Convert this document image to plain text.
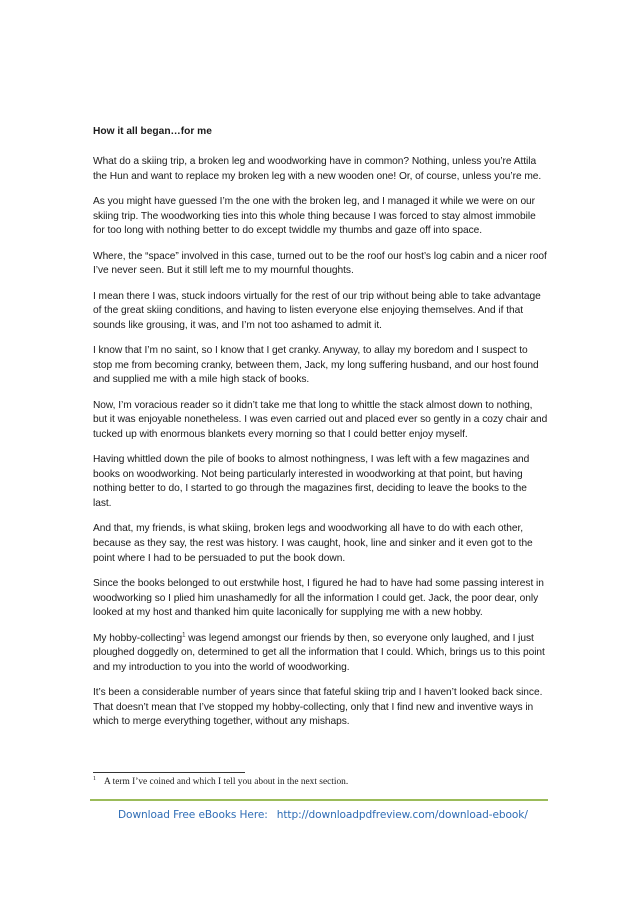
How it all began…for me

What do a skiing trip, a broken leg and woodworking have in common? Nothing, unless you’re Attila the Hun and want to replace my broken leg with a new wooden one! Or, of course, unless you’re me.

As you might have guessed I’m the one with the broken leg, and I managed it while we were on our skiing trip. The woodworking ties into this whole thing because I was forced to stay almost immobile for too long with nothing better to do except twiddle my thumbs and gaze off into space.

Where, the “space” involved in this case, turned out to be the roof our host’s log cabin and a nicer roof I’ve never seen. But it still left me to my mournful thoughts.

I mean there I was, stuck indoors virtually for the rest of our trip without being able to take advantage of the great skiing conditions, and having to listen everyone else enjoying themselves. And if that sounds like grousing, it was, and I’m not too ashamed to admit it.

I know that I’m no saint, so I know that I get cranky. Anyway, to allay my boredom and I suspect to stop me from becoming cranky, between them, Jack, my long suffering husband, and our host found and supplied me with a mile high stack of books.

Now, I’m voracious reader so it didn’t take me that long to whittle the stack almost down to nothing, but it was enjoyable nonetheless. I was even carried out and placed ever so gently in a cozy chair and tucked up with enormous blankets every morning so that I could better enjoy myself.

Having whittled down the pile of books to almost nothingness, I was left with a few magazines and books on woodworking. Not being particularly interested in woodworking at that point, but having nothing better to do, I started to go through the magazines first, deciding to leave the books to the last.

And that, my friends, is what skiing, broken legs and woodworking all have to do with each other, because as they say, the rest was history. I was caught, hook, line and sinker and it even got to the point where I had to be persuaded to put the book down.

Since the books belonged to out erstwhile host, I figured he had to have had some passing interest in woodworking so I plied him unashamedly for all the information I could get. Jack, the poor dear, only looked at my host and thanked him quite laconically for supplying me with a new hobby.

My hobby-collecting$^1$ was legend amongst our friends by then, so everyone only laughed, and I just ploughed doggedly on, determined to get all the information that I could. Which, brings us to this point and my introduction to you into the world of woodworking.

It’s been a considerable number of years since that fateful skiing trip and I haven’t looked back since. That doesn’t mean that I’ve stopped my hobby-collecting, only that I find new and inventive ways in which to merge everything together, without any mishaps.

$^1$ A term I’ve coined and which I tell you about in the next section.
Download Free eBooks Here: http://downloadpdfreview.com/download-ebook/
